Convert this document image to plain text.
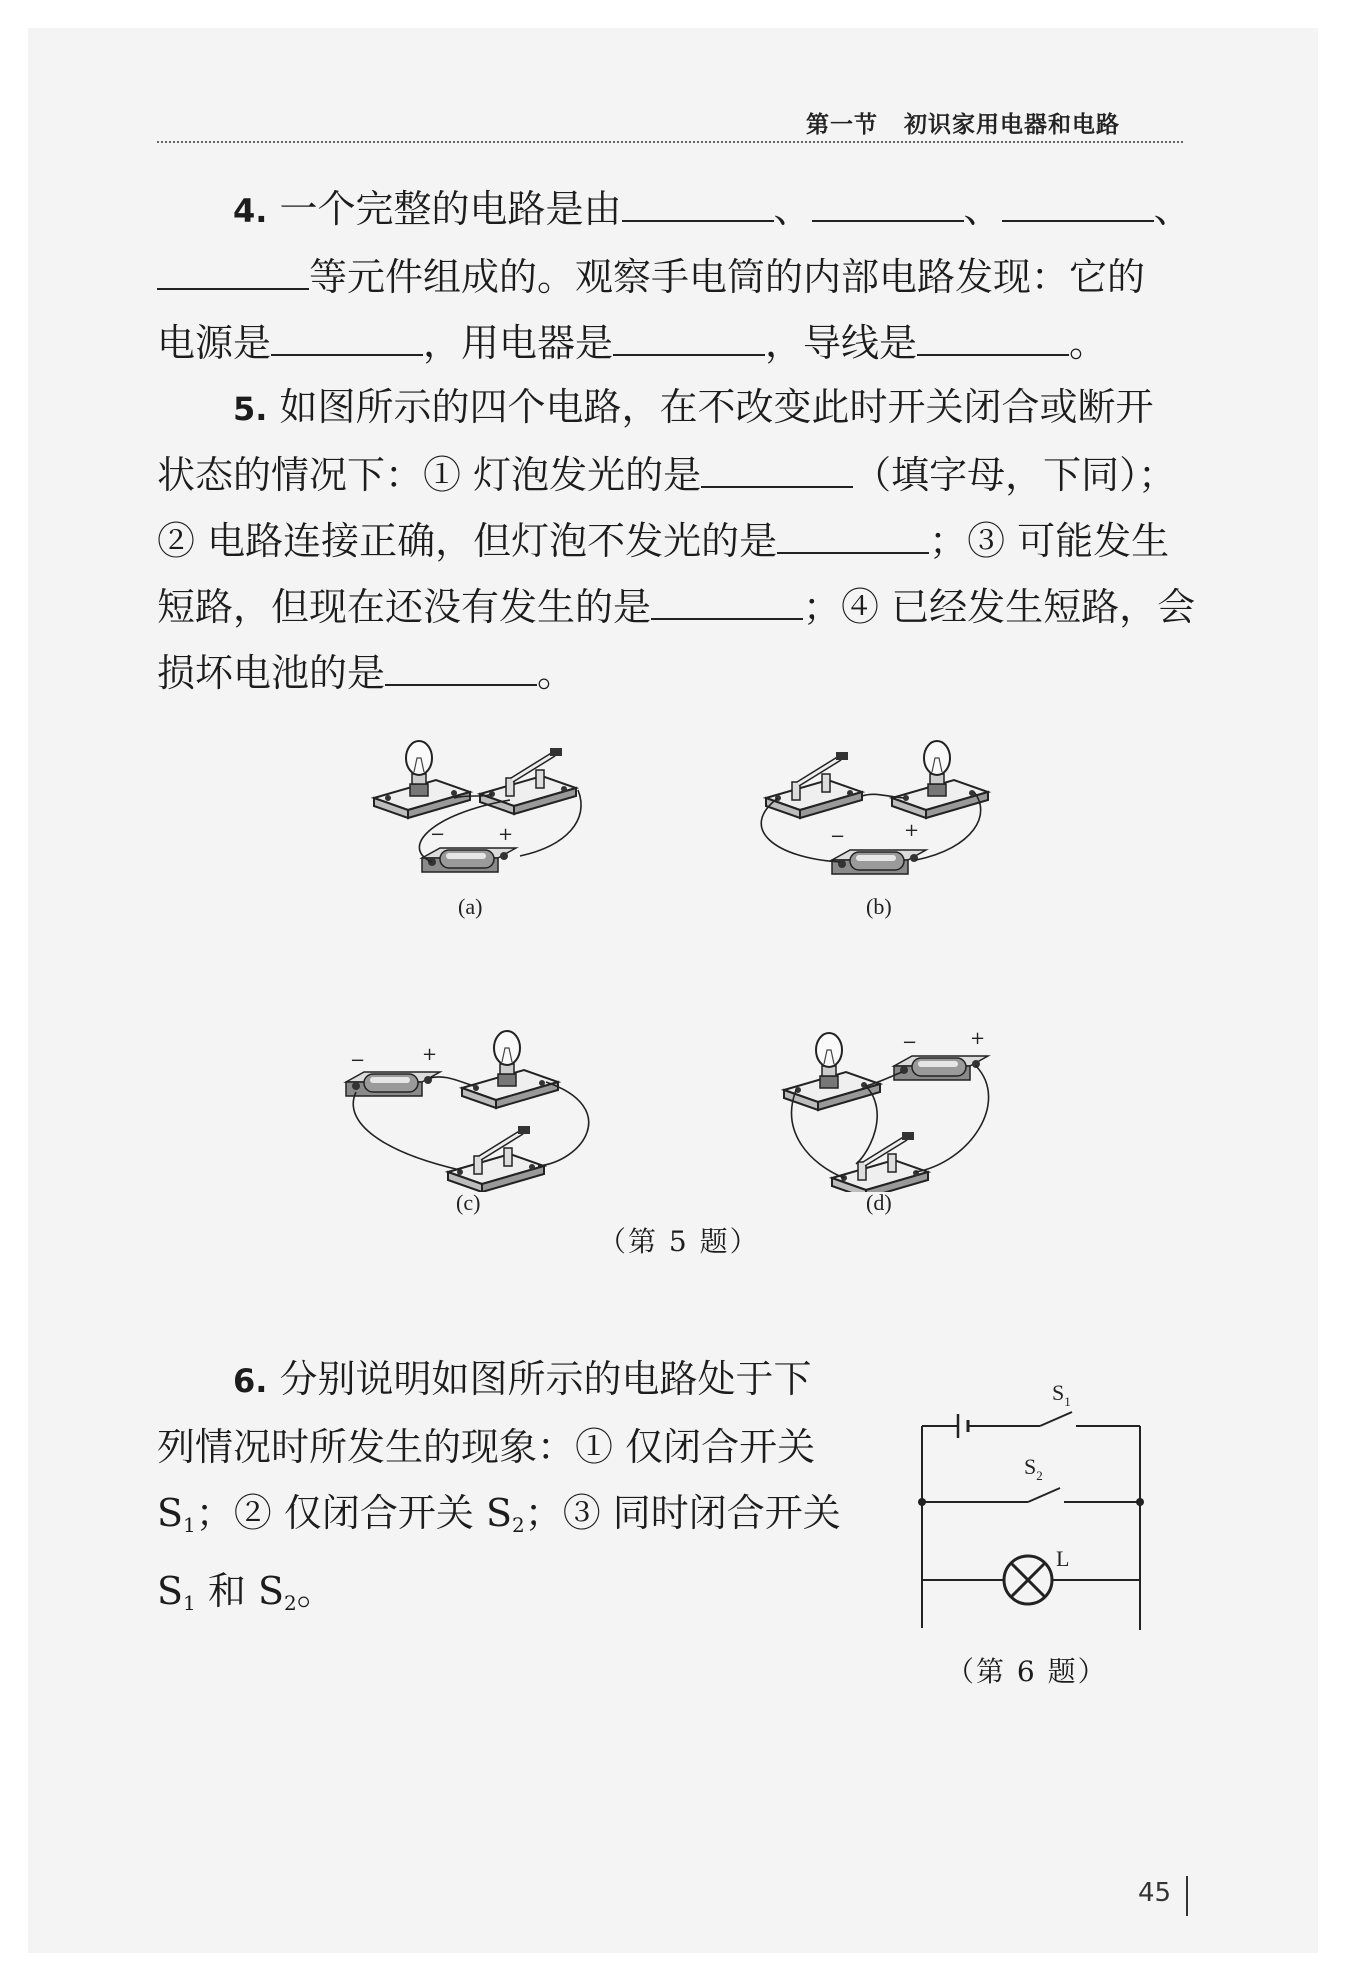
第一节 初识家用电器和电路
4. 一个完整的电路是由	、	、	、
等元件组成的。观察手电筒的内部电路发现：它的
电源是	，用电器是	，导线是	。
5. 如图所示的四个电路，在不改变此时开关闭合或断开
状态的情况下：① 灯泡发光的是	（填字母，下同）；
② 电路连接正确，但灯泡不发光的是	；③ 可能发生
短路，但现在还没有发生的是	；④ 已经发生短路，会
损坏电池的是	。
−	+
(a)
−	+
(b)
−	+
(c)
−	+
(d)
（第 5 题）
6. 分别说明如图所示的电路处于下
列情况时所发生的现象：① 仅闭合开关
$S_1$；② 仅闭合开关 $S_2$；③ 同时闭合开关
$S_1$ 和 $S_2$。
$S_1$
$S_2$
L
（第 6 题）
45
